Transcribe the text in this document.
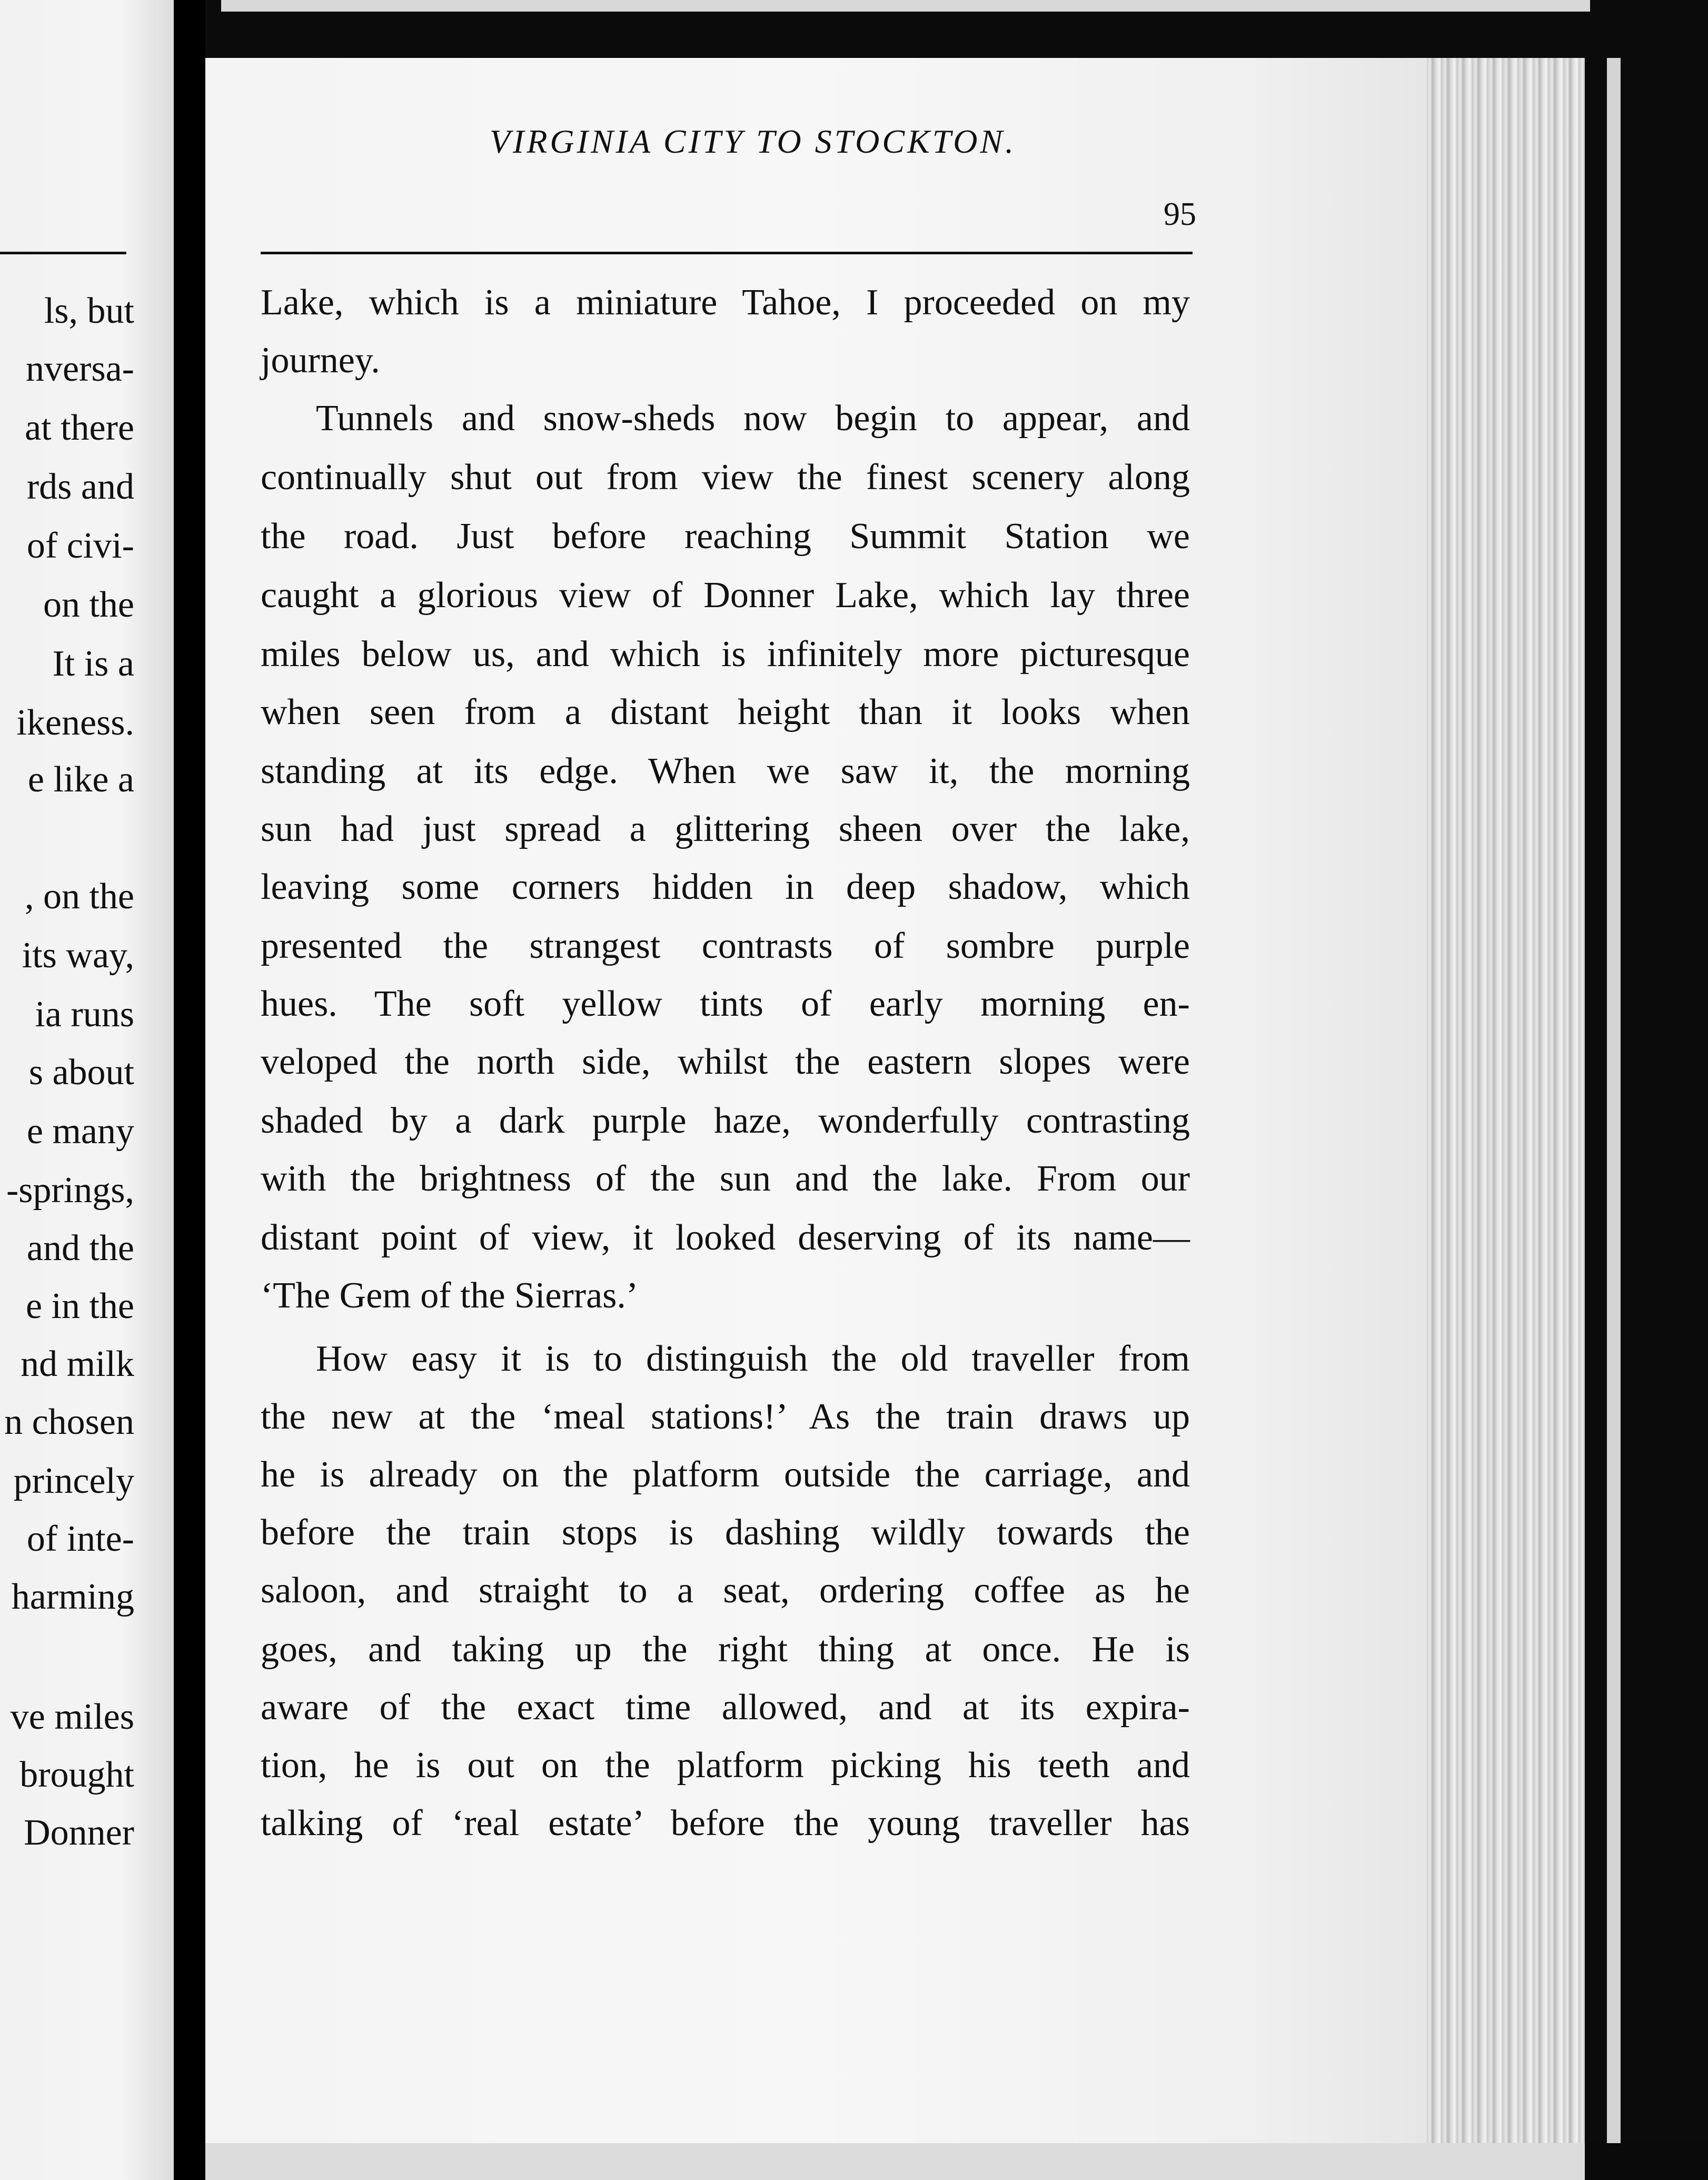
ls, but

nversa-

at there

rds and

of civi-

on the

It is a

ikeness.

e like a

, on the

its way,

ia runs

s about

e many

-springs,

and the

e in the

nd milk

n chosen

princely

of inte-

harming

ve miles

brought

Donner

VIRGINIA CITY TO STOCKTON.

95

Lake, which is a miniature Tahoe, I proceeded on my

journey.

Tunnels and snow-sheds now begin to appear, and

continually shut out from view the finest scenery along

the road. Just before reaching Summit Station we

caught a glorious view of Donner Lake, which lay three

miles below us, and which is infinitely more picturesque

when seen from a distant height than it looks when

standing at its edge. When we saw it, the morning

sun had just spread a glittering sheen over the lake,

leaving some corners hidden in deep shadow, which

presented the strangest contrasts of sombre purple

hues. The soft yellow tints of early morning en-

veloped the north side, whilst the eastern slopes were

shaded by a dark purple haze, wonderfully contrasting

with the brightness of the sun and the lake. From our

distant point of view, it looked deserving of its name—

‘The Gem of the Sierras.’

How easy it is to distinguish the old traveller from

the new at the ‘meal stations!’ As the train draws up

he is already on the platform outside the carriage, and

before the train stops is dashing wildly towards the

saloon, and straight to a seat, ordering coffee as he

goes, and taking up the right thing at once. He is

aware of the exact time allowed, and at its expira-

tion, he is out on the platform picking his teeth and

talking of ‘real estate’ before the young traveller has
